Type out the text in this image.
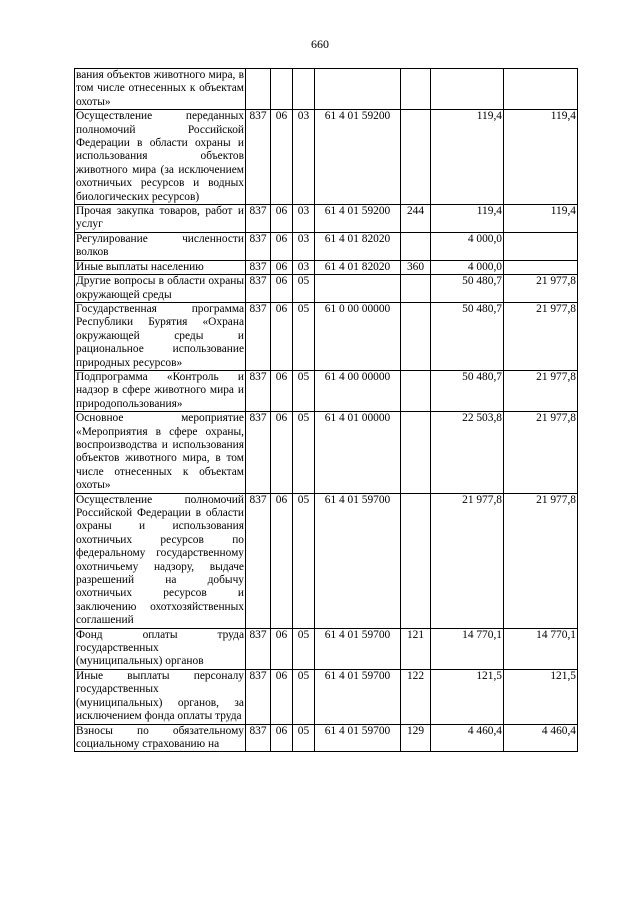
660
вания объектов животного мира, в том числе отнесенных к объектам охоты»							
Осуществление переданных полномочий Российской Федерации в области охраны и использования объектов животного мира (за исключением охотничьих ресурсов и водных биологических ресурсов)	837	06	03	61 4 01 59200		119,4	119,4
Прочая закупка товаров, работ и услуг	837	06	03	61 4 01 59200	244	119,4	119,4
Регулирование численности волков	837	06	03	61 4 01 82020		4 000,0	
Иные выплаты населению	837	06	03	61 4 01 82020	360	4 000,0	
Другие вопросы в области охраны окружающей среды	837	06	05			50 480,7	21 977,8
Государственная программа Республики Бурятия «Охрана окружающей среды и рациональное использование природных ресурсов»	837	06	05	61 0 00 00000		50 480,7	21 977,8
Подпрограмма «Контроль и надзор в сфере животного мира и природопользования»	837	06	05	61 4 00 00000		50 480,7	21 977,8
Основное мероприятие «Мероприятия в сфере охраны, воспроизводства и использования объектов животного мира, в том числе отнесенных к объектам охоты»	837	06	05	61 4 01 00000		22 503,8	21 977,8
Осуществление полномочий Российской Федерации в области охраны и использования охотничьих ресурсов по федеральному государственному охотничьему надзору, выдаче разрешений на добычу охотничьих ресурсов и заключению охотхозяйственных соглашений	837	06	05	61 4 01 59700		21 977,8	21 977,8
Фонд оплаты труда государственных (муниципальных) органов	837	06	05	61 4 01 59700	121	14 770,1	14 770,1
Иные выплаты персоналу государственных (муниципальных) органов, за исключением фонда оплаты труда	837	06	05	61 4 01 59700	122	121,5	121,5
Взносы по обязательному социальному страхованию на	837	06	05	61 4 01 59700	129	4 460,4	4 460,4
